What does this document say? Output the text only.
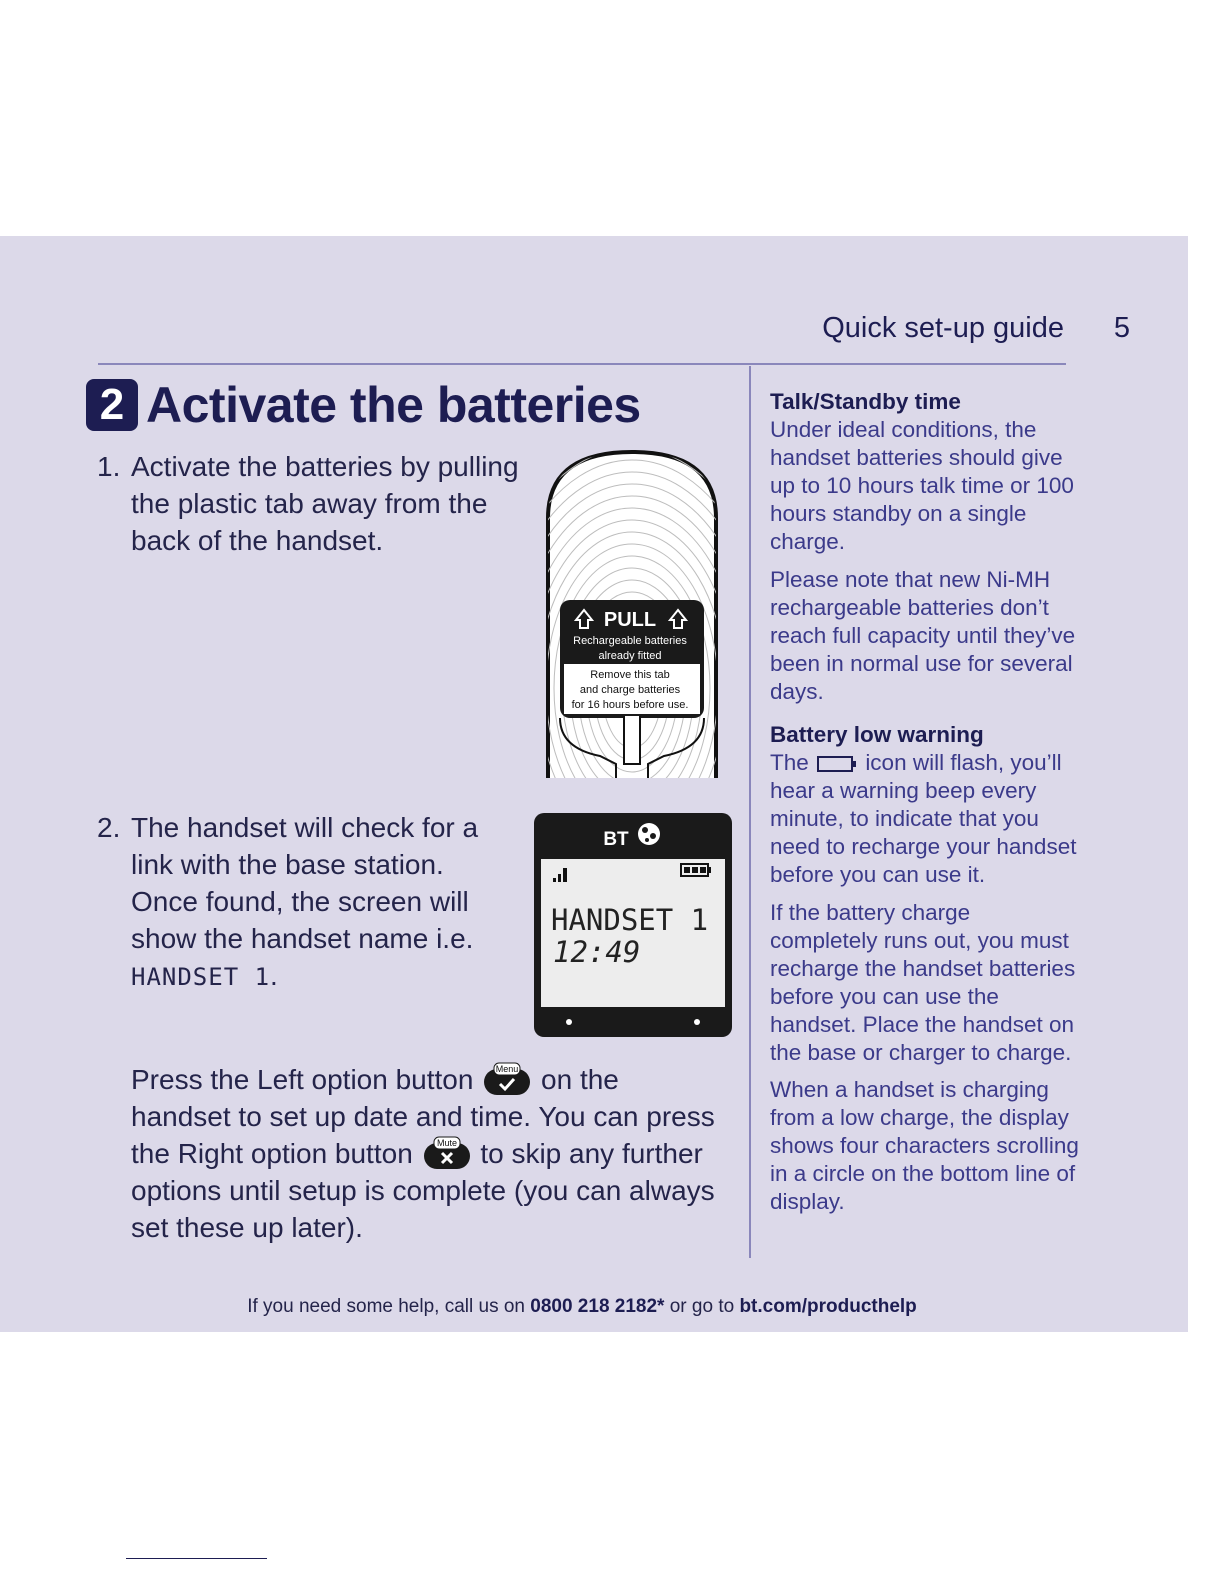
Quick set-up guide 5
2 Activate the batteries
1. Activate the batteries by pulling
the plastic tab away from the
back of the handset.
PULL
Rechargeable batteries
already fitted
Remove this tab
and charge batteries
for 16 hours before use.
2. The handset will check for a
link with the base station.
Once found, the screen will
show the handset name i.e.
HANDSET 1.
BT
HANDSET 1
12:49
Press the Left option button	Menu on the handset to set up date and time. You can press the Right option button	Mute to skip any further options until setup is complete (you can always set these up later).

Talk/Standby time

Under ideal conditions, the handset batteries should give up to 10 hours talk time or 100 hours standby on a single charge.

Please note that new Ni-MH rechargeable batteries don’t reach full capacity until they’ve been in normal use for several days.

Battery low warning

The	icon will flash, you’ll hear a warning beep every minute, to indicate that you need to recharge your handset before you can use it.

If the battery charge completely runs out, you must recharge the handset batteries before you can use the handset. Place the handset on the base or charger to charge.

When a handset is charging from a low charge, the display shows four characters scrolling in a circle on the bottom line of display.

If you need some help, call us on 0800 218 2182* or go to bt.com/producthelp
